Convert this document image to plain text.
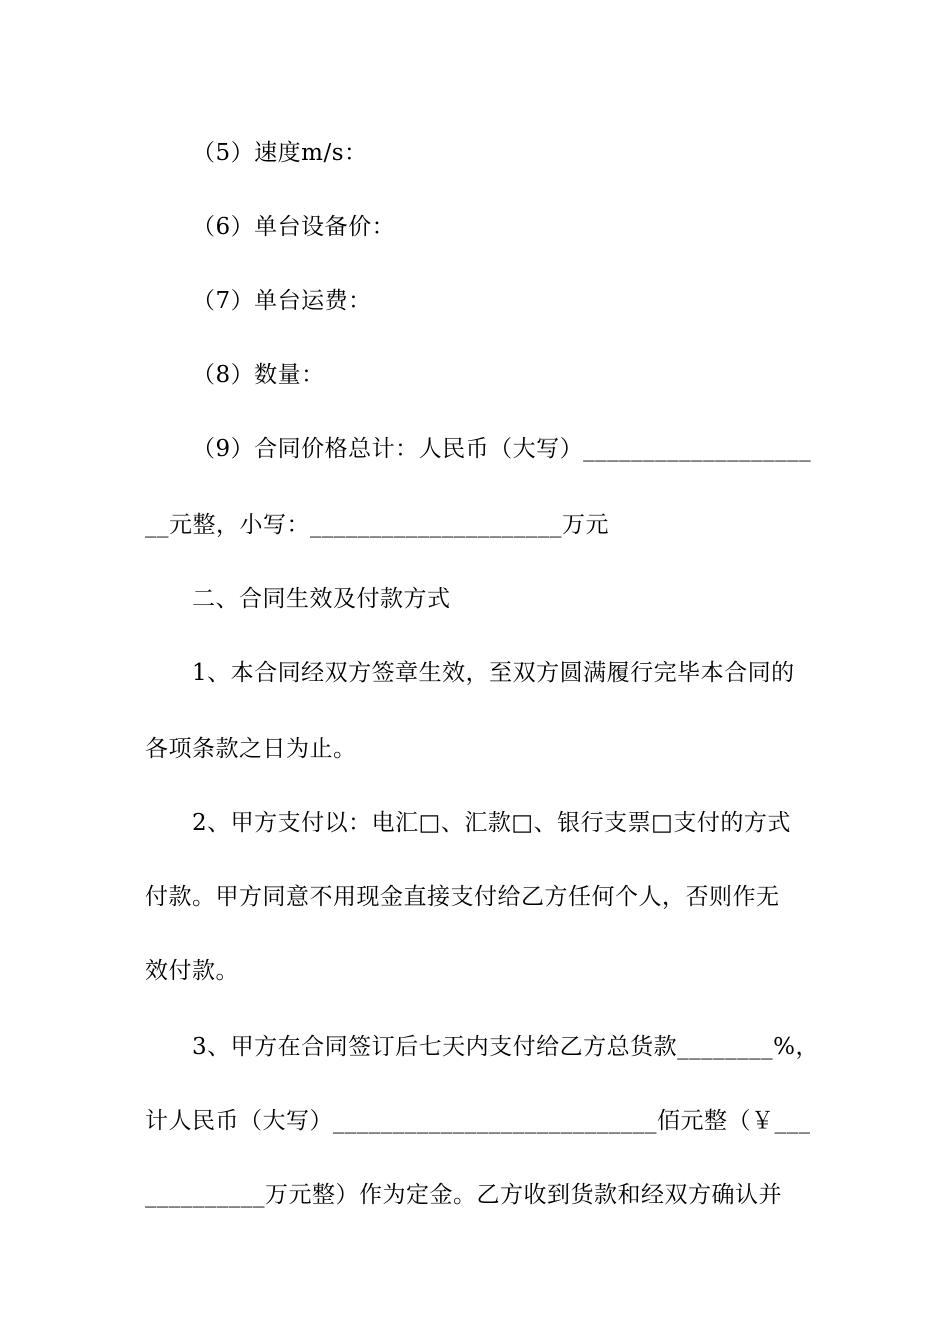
（5）速度m/s：
（6）单台设备价：
（7）单台运费：
（8）数量：
（9）合同价格总计：人民币（大写）___________________
__元整，小写：_____________________万元
二、合同生效及付款方式
1、本合同经双方签章生效，至双方圆满履行完毕本合同的
各项条款之日为止。
2、甲方支付以：电汇□、汇款□、银行支票□支付的方式
付款。甲方同意不用现金直接支付给乙方任何个人，否则作无
效付款。
3、甲方在合同签订后七天内支付给乙方总货款________%，
计人民币（大写）___________________________佰元整（￥___
__________万元整）作为定金。乙方收到货款和经双方确认并
